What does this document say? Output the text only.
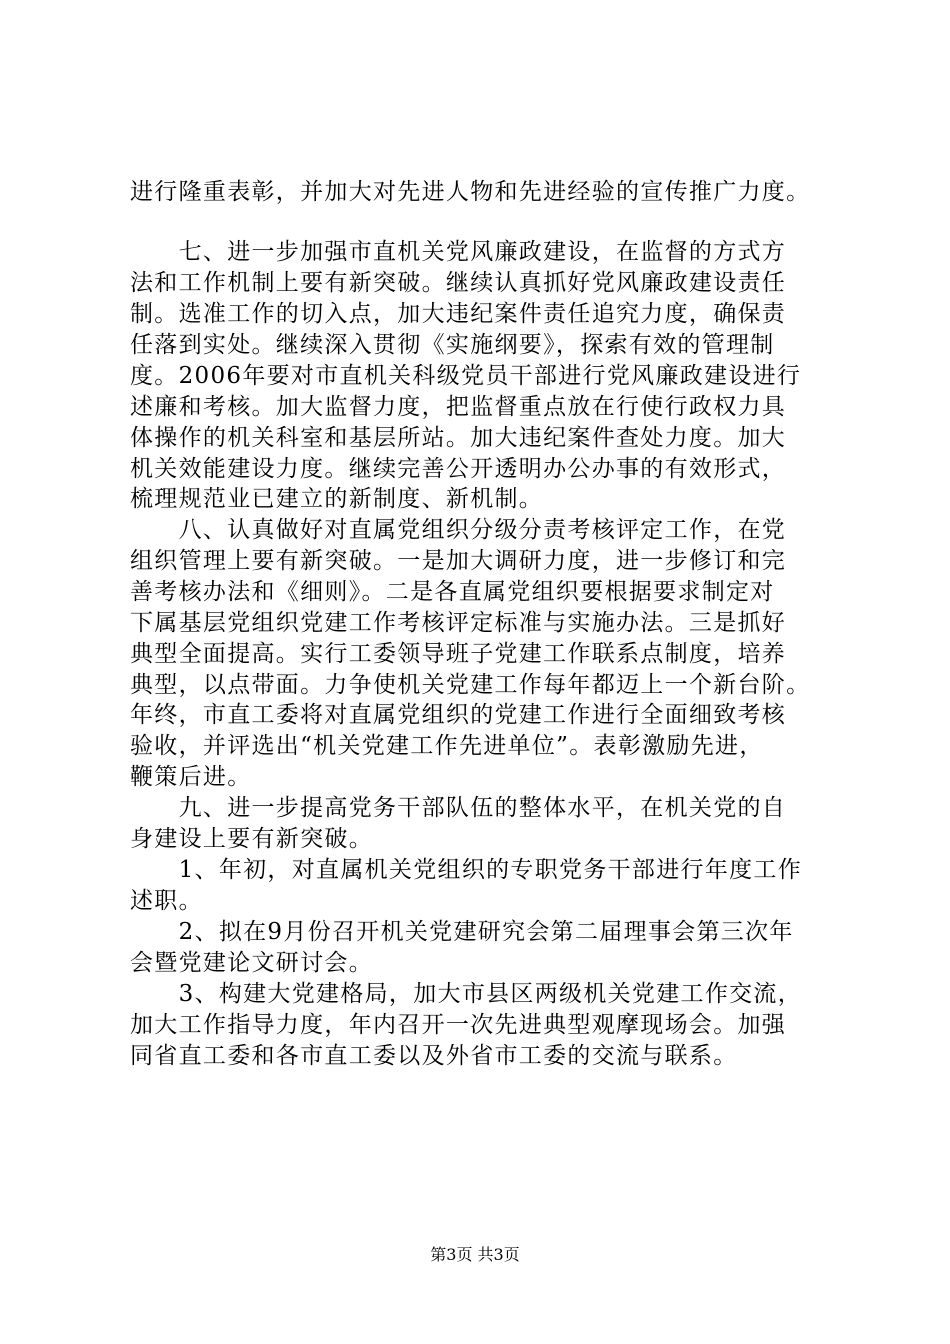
进行隆重表彰，并加大对先进人物和先进经验的宣传推广力度。
　　七、进一步加强市直机关党风廉政建设，在监督的方式方
法和工作机制上要有新突破。继续认真抓好党风廉政建设责任
制。选准工作的切入点，加大违纪案件责任追究力度，确保责
任落到实处。继续深入贯彻《实施纲要》，探索有效的管理制
度。2006年要对市直机关科级党员干部进行党风廉政建设进行
述廉和考核。加大监督力度，把监督重点放在行使行政权力具
体操作的机关科室和基层所站。加大违纪案件查处力度。加大
机关效能建设力度。继续完善公开透明办公办事的有效形式，
梳理规范业已建立的新制度、新机制。
　　八、认真做好对直属党组织分级分责考核评定工作，在党
组织管理上要有新突破。一是加大调研力度，进一步修订和完
善考核办法和《细则》。二是各直属党组织要根据要求制定对
下属基层党组织党建工作考核评定标准与实施办法。三是抓好
典型全面提高。实行工委领导班子党建工作联系点制度，培养
典型，以点带面。力争使机关党建工作每年都迈上一个新台阶。
年终，市直工委将对直属党组织的党建工作进行全面细致考核
验收，并评选出“机关党建工作先进单位”。表彰激励先进，
鞭策后进。
　　九、进一步提高党务干部队伍的整体水平，在机关党的自
身建设上要有新突破。
　　1、年初，对直属机关党组织的专职党务干部进行年度工作
述职。
　　2、拟在9月份召开机关党建研究会第二届理事会第三次年
会暨党建论文研讨会。
　　3、构建大党建格局，加大市县区两级机关党建工作交流，
加大工作指导力度，年内召开一次先进典型观摩现场会。加强
同省直工委和各市直工委以及外省市工委的交流与联系。
第3页 共3页
